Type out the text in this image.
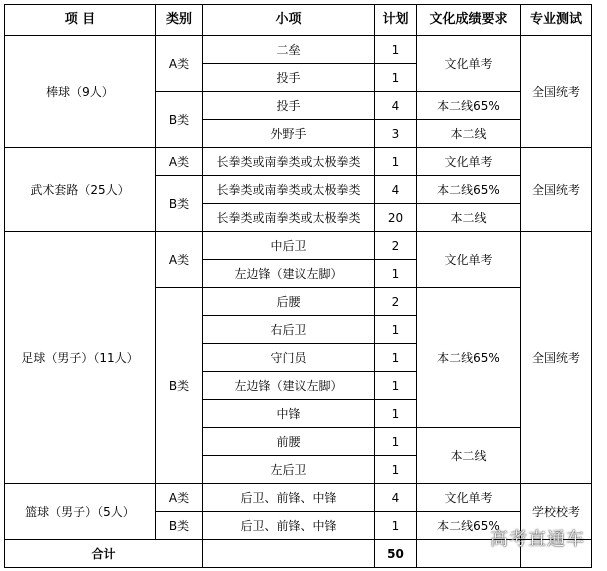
项 目	类别	小项	计划	文化成绩要求	专业测试
棒球（9人）	A类	二垒	1	文化单考	全国统考
		投手	1		
	B类	投手	4	本二线65%	
		外野手	3	本二线	
武术套路（25人）	A类	长拳类或南拳类或太极拳类	1	文化单考	全国统考
	B类	长拳类或南拳类或太极拳类	4	本二线65%	
		长拳类或南拳类或太极拳类	20	本二线	
足球（男子）（11人）	A类	中后卫	2	文化单考	全国统考
		左边锋（建议左脚）	1		
	B类	后腰	2	本二线65%	
		右后卫	1		
		守门员	1		
		左边锋（建议左脚）	1		
		中锋	1		
		前腰	1	本二线	
		左后卫	1		
篮球（男子）（5人）	A类	后卫、前锋、中锋	4	文化单考	学校校考
	B类	后卫、前锋、中锋	1	本二线65%	
合计			50		
高考直通车
